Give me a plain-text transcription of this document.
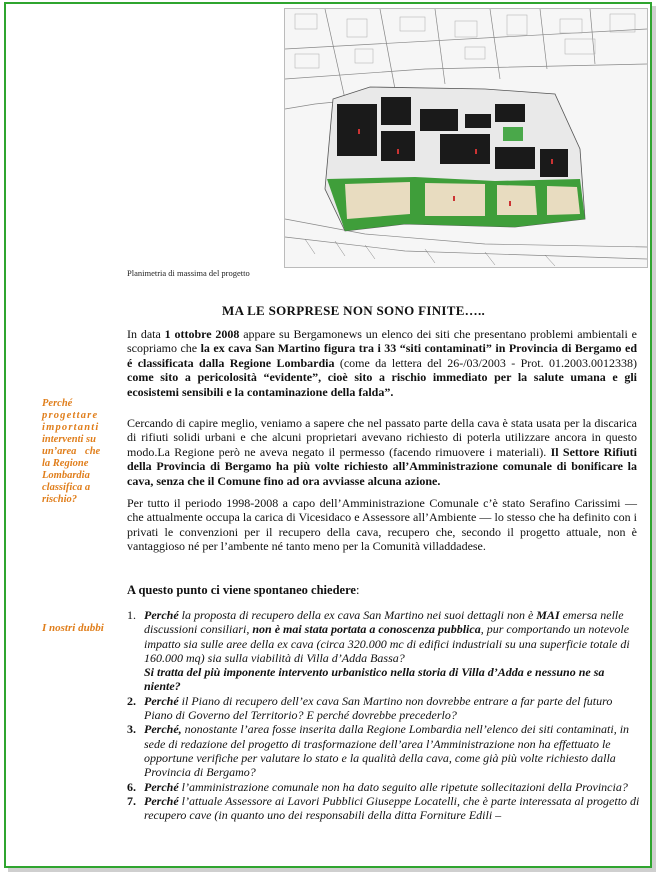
Planimetria di massima del progetto
MA LE SORPRESE NON SONO FINITE…..
In data 1 ottobre 2008 appare su Bergamonews un elenco dei siti che presentano problemi ambientali e scopriamo che la ex cava San Martino figura tra i 33 “siti contaminati” in Provincia di Bergamo ed é classificata dalla Regione Lombardia (come da lettera del 26-/03/2003 - Prot. 01.2003.0012338) come sito a pericolosità “evidente”, cioè sito a rischio immediato per la salute umana e gli ecosistemi sensibili e la contaminazione della falda”.
Perché
progettare
importanti
interventi su
un’area che
la Regione
Lombardia
classifica a
rischio?
Cercando di capire meglio, veniamo a sapere che nel passato parte della cava è stata usata per la discarica di rifiuti solidi urbani e che alcuni proprietari avevano richiesto di poterla utilizzare ancora in questo modo.La Regione però ne aveva negato il permesso (facendo rimuovere i materiali). Il Settore Rifiuti della Provincia di Bergamo ha più volte richiesto all’Amministrazione comunale di bonificare la cava, senza che il Comune fino ad ora avviasse alcuna azione.
Per tutto il periodo 1998-2008 a capo dell’Amministrazione Comunale c’è stato Serafino Carissimi — che attualmente occupa la carica di Vicesidaco e Assessore all’Ambiente — lo stesso che ha definito con i privati le convenzioni per il recupero della cava, recupero che, secondo il progetto attuale, non è vantaggioso né per l’ambente né tanto meno per la Comunità villaddadese.
A questo punto ci viene spontaneo chiedere:
I nostri dubbi
1. Perché la proposta di recupero della ex cava San Martino nei suoi dettagli non è MAI emersa nelle discussioni consiliari, non è mai stata portata a conoscenza pubblica, pur comportando un notevole impatto sia sulle aree della ex cava (circa 320.000 mc di edifici industriali su una superficie totale di 160.000 mq) sia sulla viabilità di Villa d’Adda Bassa?
Si tratta del più imponente intervento urbanistico nella storia di Villa d’Adda e nessuno ne sa niente?
2. Perché il Piano di recupero dell’ex cava San Martino non dovrebbe entrare a far parte del futuro Piano di Governo del Territorio? E perché dovrebbe precederlo?
3. Perché, nonostante l’area fosse inserita dalla Regione Lombardia nell’elenco dei siti contaminati, in sede di redazione del progetto di trasformazione dell’area l’Amministrazione non ha effettuato le opportune verifiche per valutare lo stato e la qualità della cava, come già più volte richiesto dalla Provincia di Bergamo?
6. Perché l’amministrazione comunale non ha dato seguito alle ripetute sollecitazioni della Provincia?
7. Perché l’attuale Assessore ai Lavori Pubblici Giuseppe Locatelli, che è parte interessata al progetto di recupero cave (in quanto uno dei responsabili della ditta Forniture Edili –
